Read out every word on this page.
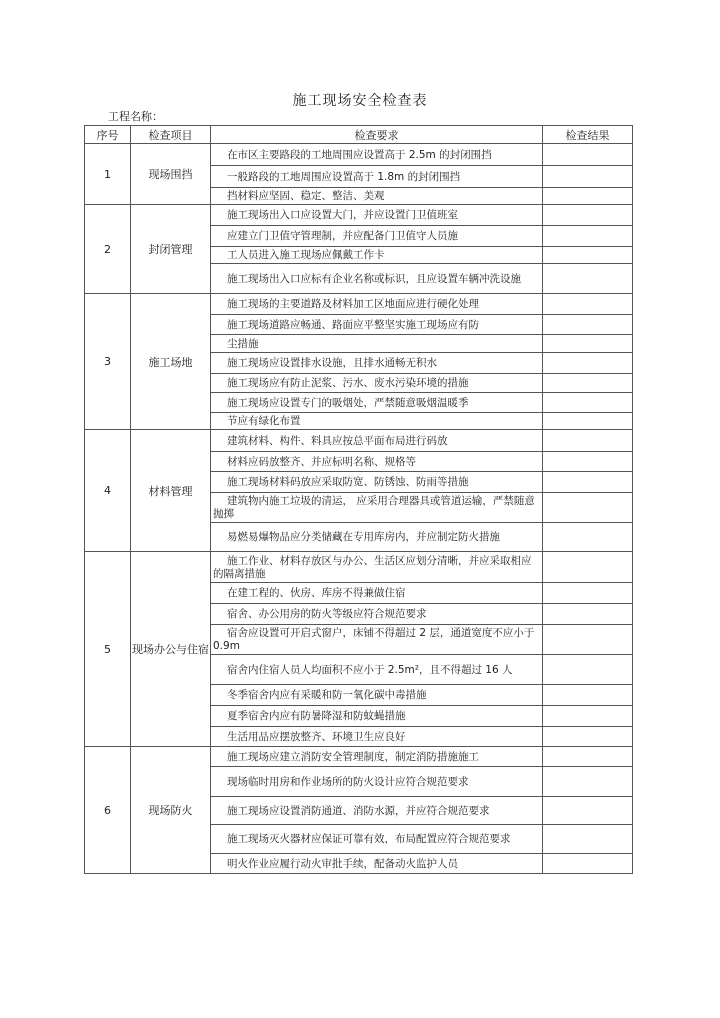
施工现场安全检查表
工程名称：
序号	检查项目	检查要求	检查结果
1	现场围挡	在市区主要路段的工地周围应设置高于 2.5m 的封闭围挡	

		一般路段的工地周围应设置高于 1.8m 的封闭围挡	

		挡材料应坚固、稳定、整洁、美观	

2	封闭管理	施工现场出入口应设置大门，并应设置门卫值班室	

		应建立门卫值守管理制，并应配备门卫值守人员施	

		工人员进入施工现场应佩戴工作卡	

		施工现场出入口应标有企业名称或标识，且应设置车辆冲洗设施	

3	施工场地	施工现场的主要道路及材料加工区地面应进行硬化处理	

		施工现场道路应畅通、路面应平整坚实施工现场应有防	

		尘措施	

		施工现场应设置排水设施，且排水通畅无积水	

		施工现场应有防止泥浆、污水、废水污染环境的措施	

		施工现场应设置专门的吸烟处，严禁随意吸烟温暖季	

		节应有绿化布置	

4	材料管理	建筑材料、构件、料具应按总平面布局进行码放	

		材料应码放整齐、并应标明名称、规格等	

		施工现场材料码放应采取防宽、防锈蚀、防雨等措施	

		建筑物内施工垃圾的清运， 应采用合理器具或管道运输，严禁随意抛掷	

		易燃易爆物品应分类储藏在专用库房内，并应制定防火措施	

5	现场办公与住宿	施工作业、材料存放区与办公、生活区应划分清晰，并应采取相应的隔离措施	

		在建工程的、伙房、库房不得兼做住宿	

		宿舍、办公用房的防火等级应符合规范要求	

		宿舍应设置可开启式窗户，床铺不得超过 2 层，通道宽度不应小于 0.9m	

		宿舍内住宿人员人均面积不应小于 2.5m²，且不得超过 16 人	

		冬季宿舍内应有采暖和防一氧化碳中毒措施	

		夏季宿舍内应有防暑降湿和防蚊蝇措施	

		生活用品应摆放整齐、环境卫生应良好	

6	现场防火	施工现场应建立消防安全管理制度，制定消防措施施工	

		现场临时用房和作业场所的防火设计应符合规范要求	

		施工现场应设置消防通道、消防水源，并应符合规范要求	

		施工现场灭火器材应保证可靠有效，布局配置应符合规范要求	

		明火作业应履行动火审批手续，配备动火监护人员	
